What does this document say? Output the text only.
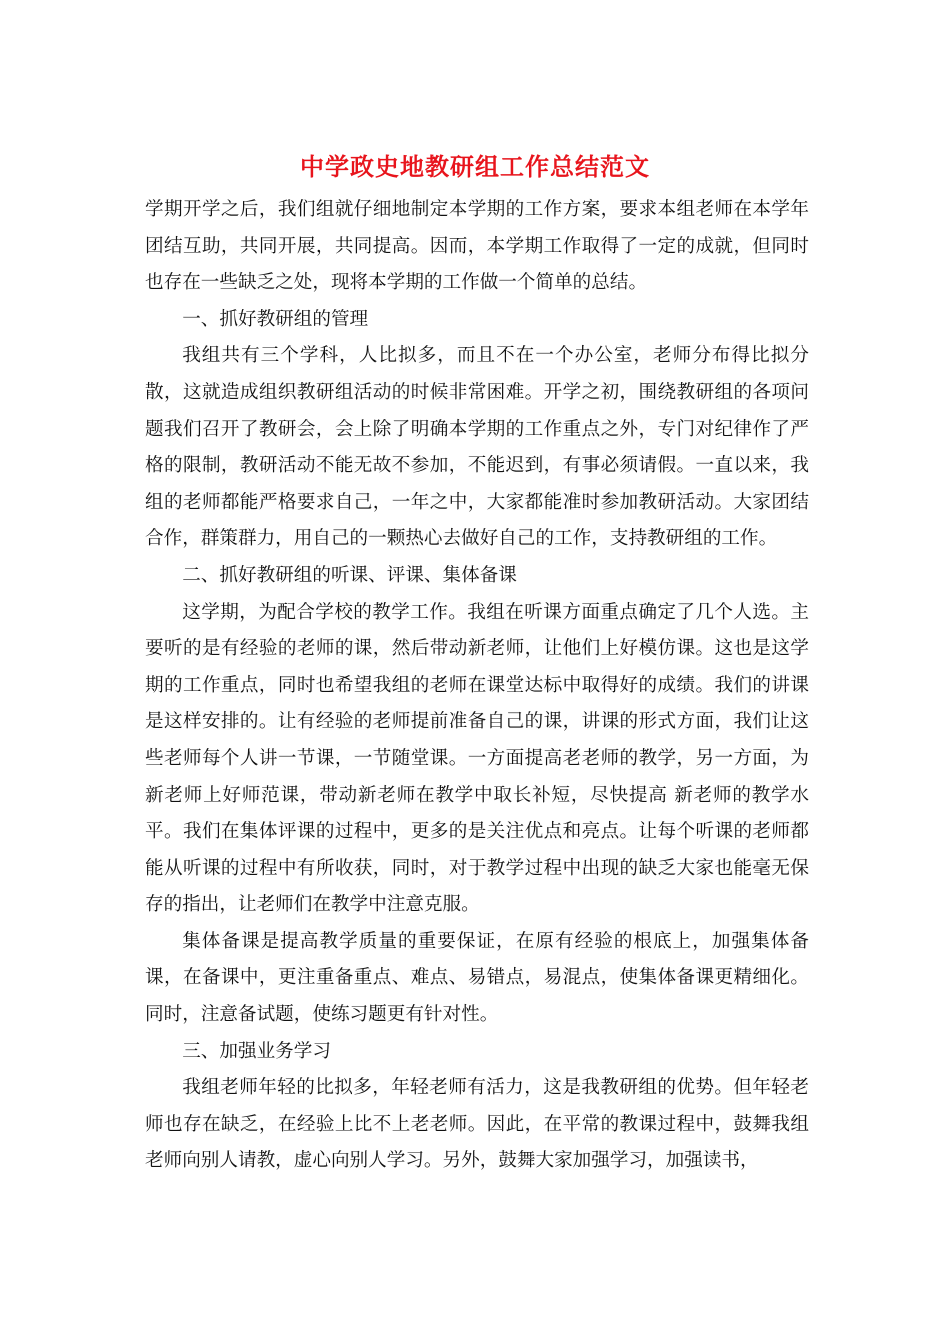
中学政史地教研组工作总结范文

学期开学之后，我们组就仔细地制定本学期的工作方案，要求本组老师在本学年团结互助，共同开展，共同提高。因而，本学期工作取得了一定的成就，但同时也存在一些缺乏之处，现将本学期的工作做一个简单的总结。

一、抓好教研组的管理

我组共有三个学科，人比拟多，而且不在一个办公室，老师分布得比拟分散，这就造成组织教研组活动的时候非常困难。开学之初，围绕教研组的各项问题我们召开了教研会，会上除了明确本学期的工作重点之外，专门对纪律作了严格的限制，教研活动不能无故不参加，不能迟到，有事必须请假。一直以来，我组的老师都能严格要求自己，一年之中，大家都能准时参加教研活动。大家团结合作，群策群力，用自己的一颗热心去做好自己的工作，支持教研组的工作。

二、抓好教研组的听课、评课、集体备课

这学期，为配合学校的教学工作。我组在听课方面重点确定了几个人选。主要听的是有经验的老师的课，然后带动新老师，让他们上好模仿课。这也是这学期的工作重点，同时也希望我组的老师在课堂达标中取得好的成绩。我们的讲课是这样安排的。让有经验的老师提前准备自己的课，讲课的形式方面，我们让这些老师每个人讲一节课，一节随堂课。一方面提高老老师的教学，另一方面，为新老师上好师范课，带动新老师在教学中取长补短，尽快提高 新老师的教学水平。我们在集体评课的过程中，更多的是关注优点和亮点。让每个听课的老师都能从听课的过程中有所收获，同时，对于教学过程中出现的缺乏大家也能毫无保存的指出，让老师们在教学中注意克服。

集体备课是提高教学质量的重要保证，在原有经验的根底上，加强集体备课，在备课中，更注重备重点、难点、易错点，易混点，使集体备课更精细化。同时，注意备试题，使练习题更有针对性。

三、加强业务学习

我组老师年轻的比拟多，年轻老师有活力，这是我教研组的优势。但年轻老师也存在缺乏，在经验上比不上老老师。因此，在平常的教课过程中，鼓舞我组老师向别人请教，虚心向别人学习。另外，鼓舞大家加强学习，加强读书，
